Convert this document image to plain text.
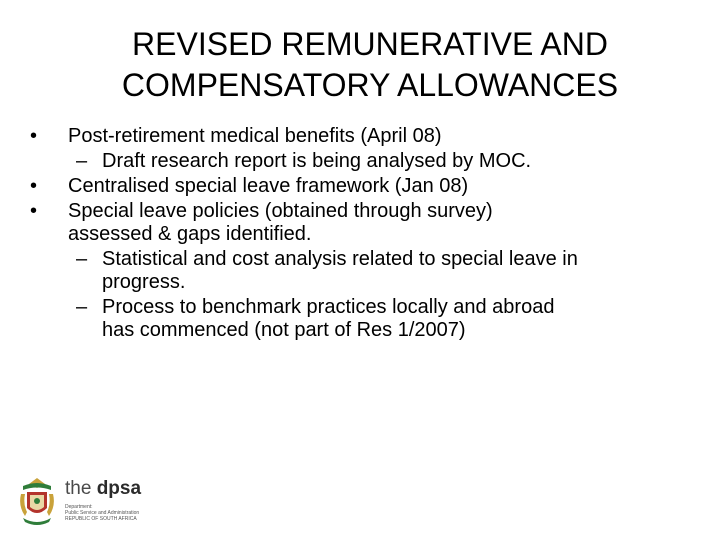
REVISED REMUNERATIVE AND
COMPENSATORY ALLOWANCES
• Post-retirement medical benefits (April 08)
– Draft research report is being analysed by MOC.
• Centralised special leave framework (Jan 08)
• Special leave policies (obtained through survey)
assessed & gaps identified.
– Statistical and cost analysis related to special leave in
progress.
– Process to benchmark practices locally and abroad
has commenced (not part of Res 1/2007)
the dpsa
Department:
Public Service and Administration
REPUBLIC OF SOUTH AFRICA
